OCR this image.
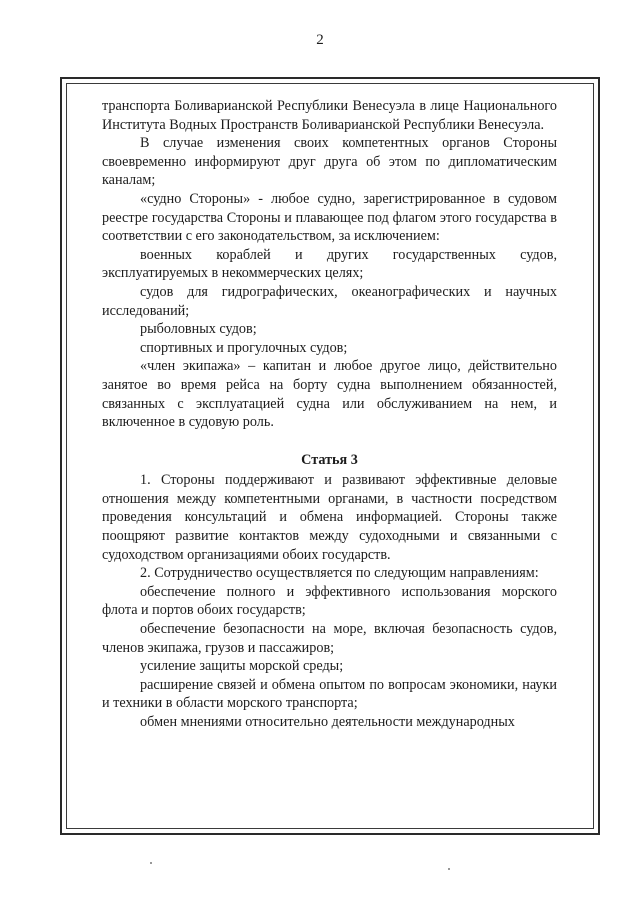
2

транспорта Боливарианской Республики Венесуэла в лице Национального Института Водных Пространств Боливарианской Республики Венесуэла.

В случае изменения своих компетентных органов Стороны своевременно информируют друг друга об этом по дипломатическим каналам;

«судно Стороны» - любое судно, зарегистрированное в судовом реестре государства Стороны и плавающее под флагом этого государства в соответствии с его законодательством, за исключением:

военных кораблей и других государственных судов, эксплуатируемых в некоммерческих целях;

судов для гидрографических, океанографических и научных исследований;

рыболовных судов;

спортивных и прогулочных судов;

«член экипажа» – капитан и любое другое лицо, действительно занятое во время рейса на борту судна выполнением обязанностей, связанных с эксплуатацией судна или обслуживанием на нем, и включенное в судовую роль.

Статья 3

1. Стороны поддерживают и развивают эффективные деловые отношения между компетентными органами, в частности посредством проведения консультаций и обмена информацией. Стороны также поощряют развитие контактов между судоходными и связанными с судоходством организациями обоих государств.

2. Сотрудничество осуществляется по следующим направлениям:

обеспечение полного и эффективного использования морского флота и портов обоих государств;

обеспечение безопасности на море, включая безопасность судов, членов экипажа, грузов и пассажиров;

усиление защиты морской среды;

расширение связей и обмена опытом по вопросам экономики, науки и техники в области морского транспорта;

обмен мнениями относительно деятельности международных
